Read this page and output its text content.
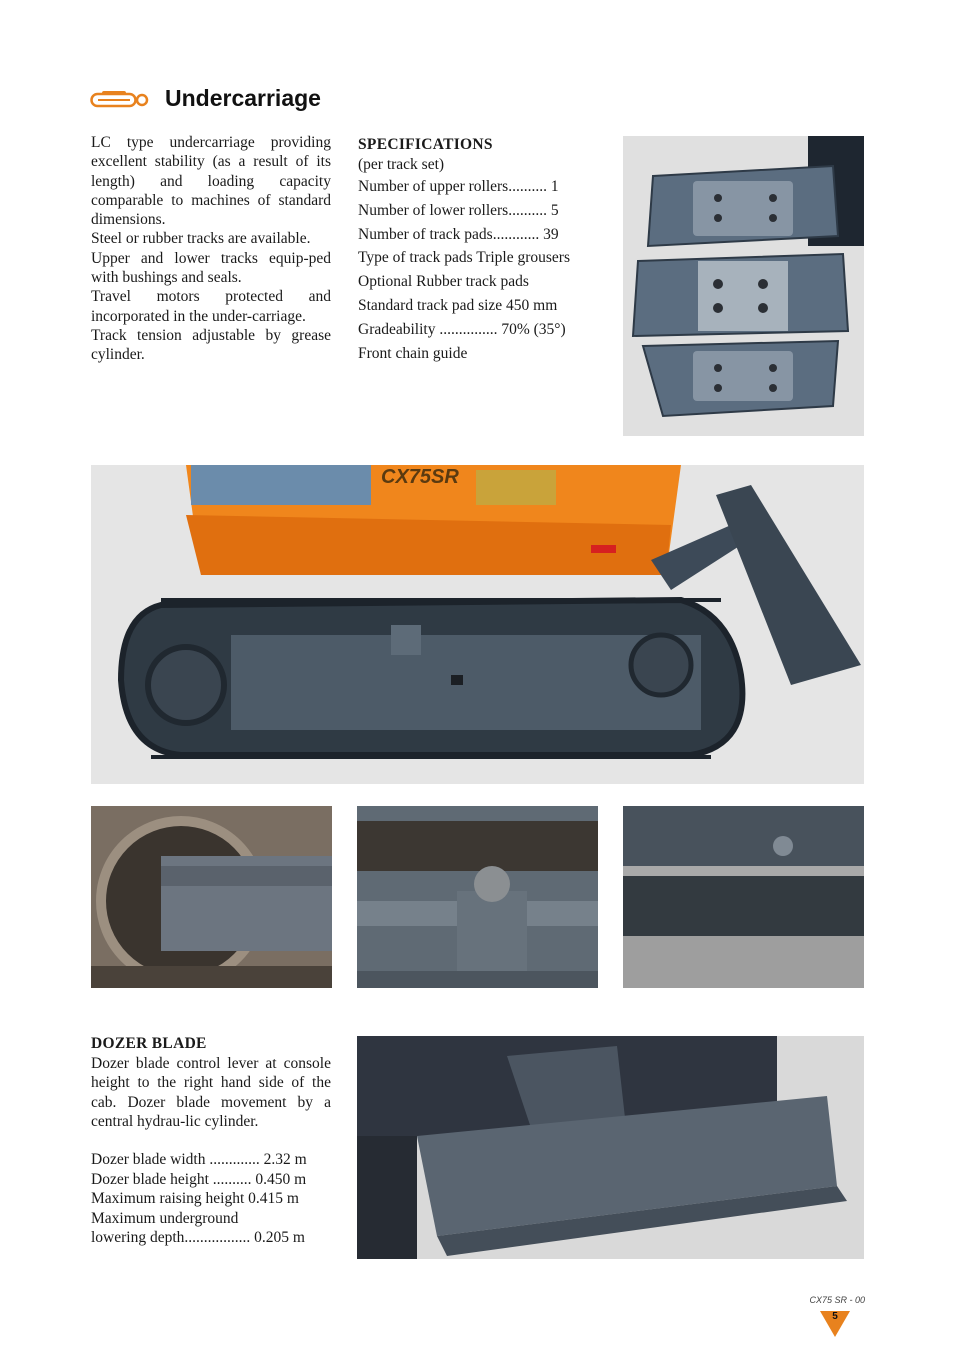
Undercarriage

LC type undercarriage providing excellent stability (as a result of its length) and loading capacity comparable to machines of standard dimensions.

Steel or rubber tracks are available.

Upper and lower tracks equip-ped with bushings and seals.

Travel motors protected and incorporated in the under-carriage.

Track tension adjustable by grease cylinder.

SPECIFICATIONS
(per track set)
Number of upper rollers.......... 1
Number of lower rollers.......... 5
Number of track pads............ 39
Type of track pads Triple grousers
Optional Rubber track pads
Standard track pad size 450 mm
Gradeability ............... 70% (35°)
Front chain guide
CX75SR
DOZER BLADE

Dozer blade control lever at console height to the right hand side of the cab. Dozer blade movement by a central hydrau-lic cylinder.

Dozer blade width ............. 2.32 m
Dozer blade height .......... 0.450 m
Maximum raising height 0.415 m
Maximum underground
lowering depth................. 0.205 m
CX75 SR - 00
5
